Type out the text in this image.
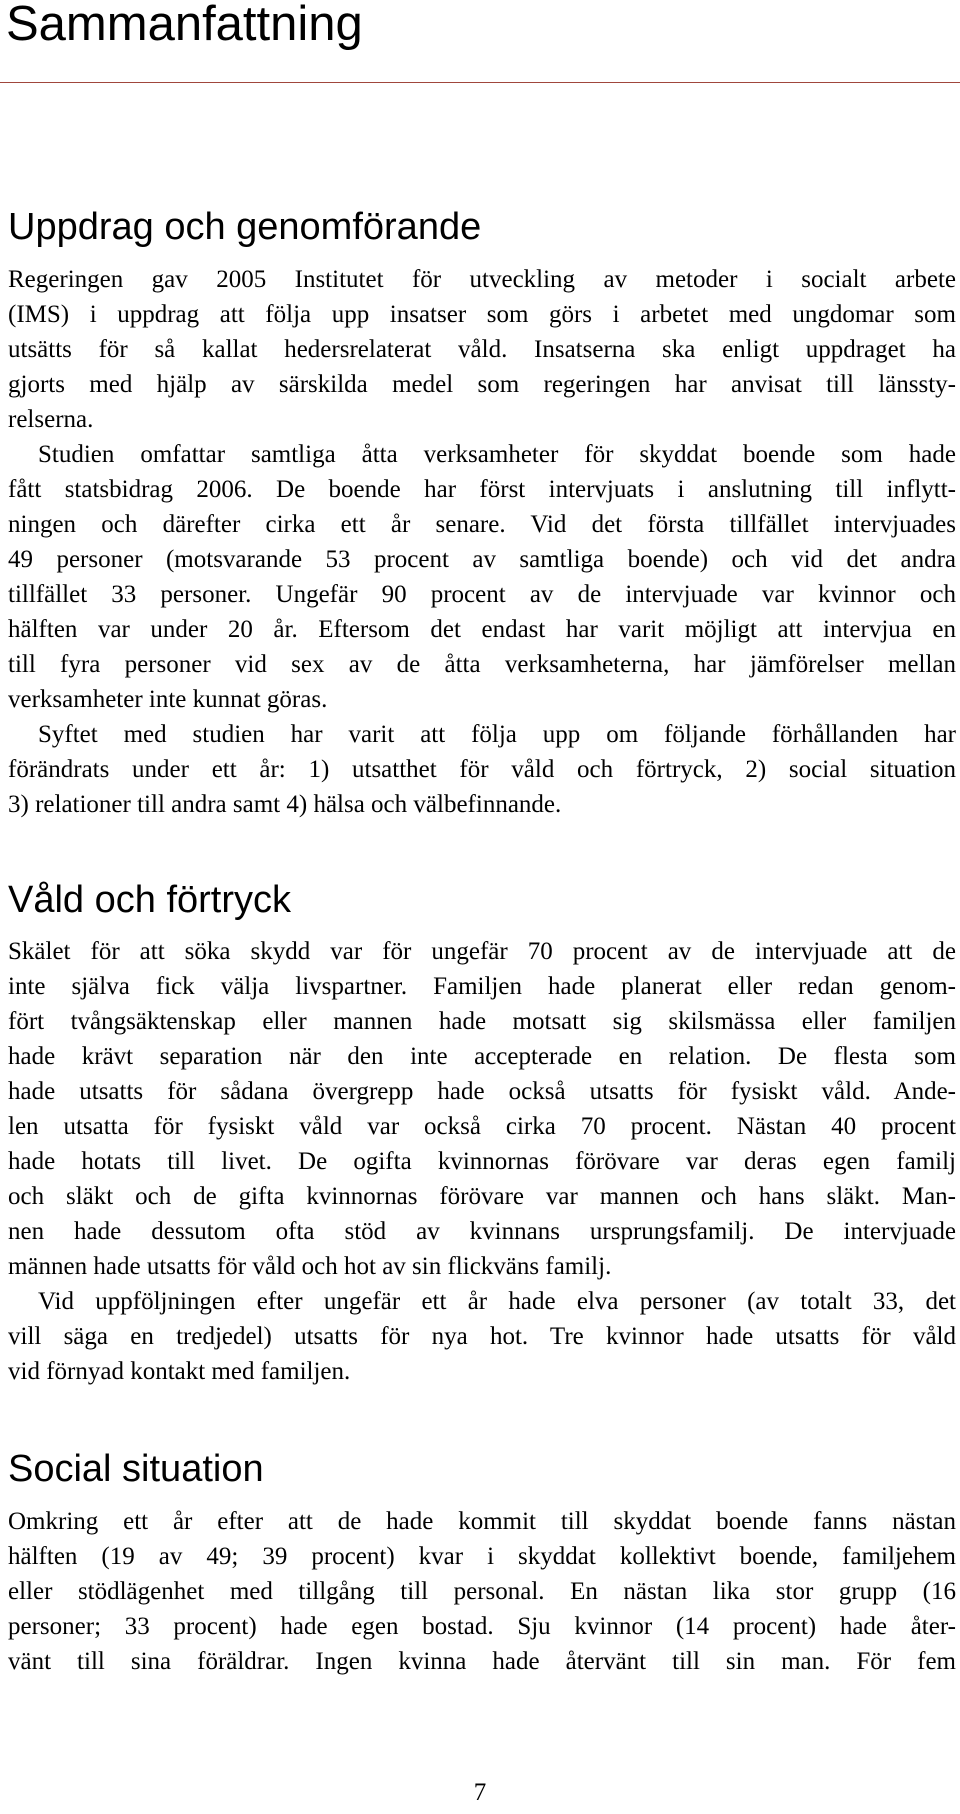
Sammanfattning
Uppdrag och genomförande
Regeringen gav 2005 Institutet för utveckling av metoder i socialt arbete
(IMS) i uppdrag att följa upp insatser som görs i arbetet med ungdomar som
utsätts för så kallat hedersrelaterat våld. Insatserna ska enligt uppdraget ha
gjorts med hjälp av särskilda medel som regeringen har anvisat till länssty-
relserna.
Studien omfattar samtliga åtta verksamheter för skyddat boende som hade
fått statsbidrag 2006. De boende har först intervjuats i anslutning till inflytt-
ningen och därefter cirka ett år senare. Vid det första tillfället intervjuades
49 personer (motsvarande 53 procent av samtliga boende) och vid det andra
tillfället 33 personer. Ungefär 90 procent av de intervjuade var kvinnor och
hälften var under 20 år. Eftersom det endast har varit möjligt att intervjua en
till fyra personer vid sex av de åtta verksamheterna, har jämförelser mellan
verksamheter inte kunnat göras.
Syftet med studien har varit att följa upp om följande förhållanden har
förändrats under ett år: 1) utsatthet för våld och förtryck, 2) social situation
3) relationer till andra samt 4) hälsa och välbefinnande.
Våld och förtryck
Skälet för att söka skydd var för ungefär 70 procent av de intervjuade att de
inte själva fick välja livspartner. Familjen hade planerat eller redan genom-
fört tvångsäktenskap eller mannen hade motsatt sig skilsmässa eller familjen
hade krävt separation när den inte accepterade en relation. De flesta som
hade utsatts för sådana övergrepp hade också utsatts för fysiskt våld. Ande-
len utsatta för fysiskt våld var också cirka 70 procent. Nästan 40 procent
hade hotats till livet. De ogifta kvinnornas förövare var deras egen familj
och släkt och de gifta kvinnornas förövare var mannen och hans släkt. Man-
nen hade dessutom ofta stöd av kvinnans ursprungsfamilj. De intervjuade
männen hade utsatts för våld och hot av sin flickväns familj.
Vid uppföljningen efter ungefär ett år hade elva personer (av totalt 33, det
vill säga en tredjedel) utsatts för nya hot. Tre kvinnor hade utsatts för våld
vid förnyad kontakt med familjen.
Social situation
Omkring ett år efter att de hade kommit till skyddat boende fanns nästan
hälften (19 av 49; 39 procent) kvar i skyddat kollektivt boende, familjehem
eller stödlägenhet med tillgång till personal. En nästan lika stor grupp (16
personer; 33 procent) hade egen bostad. Sju kvinnor (14 procent) hade åter-
vänt till sina föräldrar. Ingen kvinna hade återvänt till sin man. För fem
7
